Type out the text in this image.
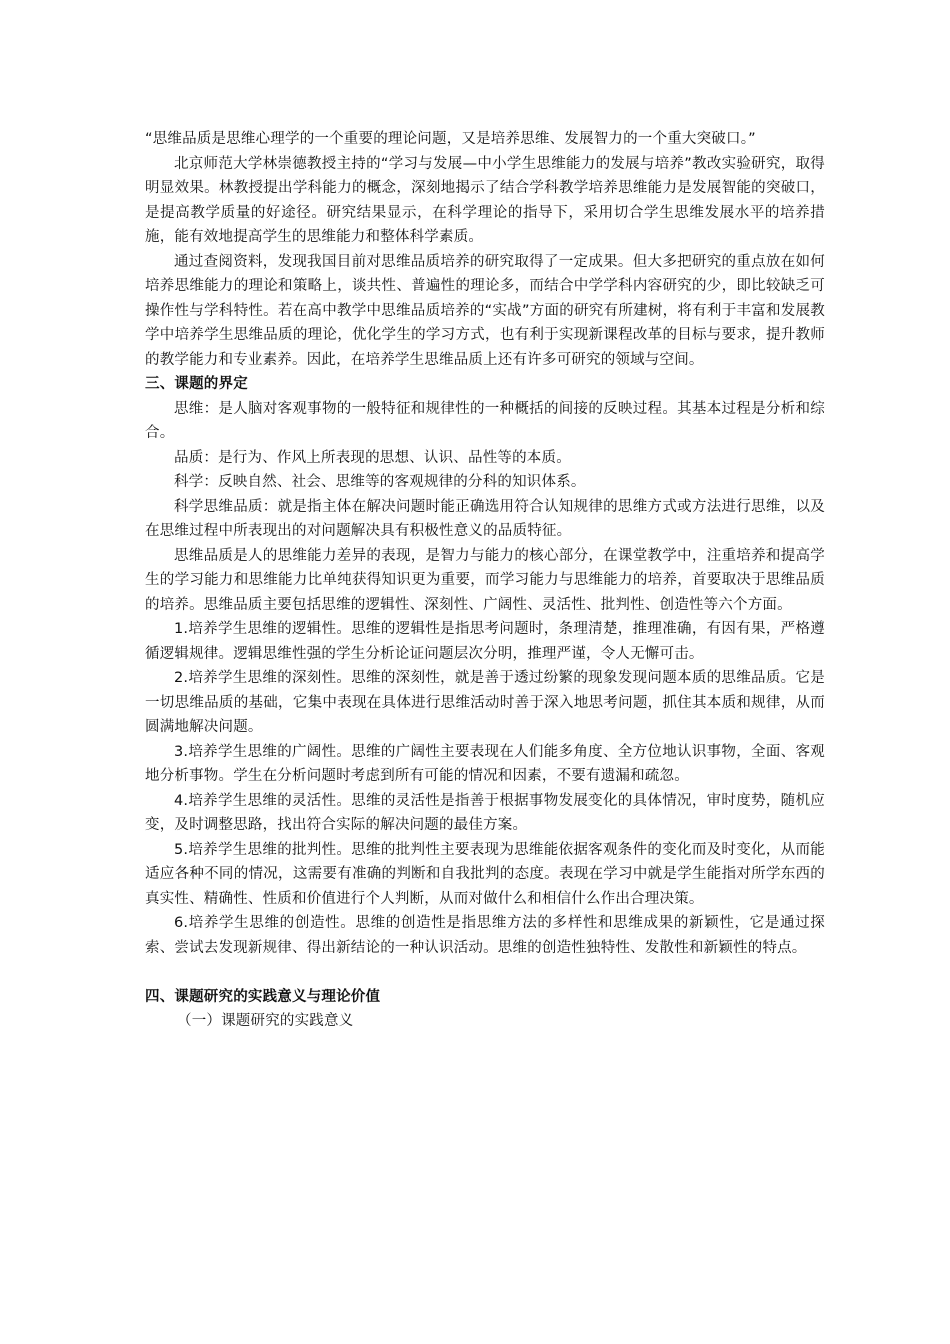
“思维品质是思维心理学的一个重要的理论问题，又是培养思维、发展智力的一个重大突破口。”

北京师范大学林崇德教授主持的“学习与发展—中小学生思维能力的发展与培养”教改实验研究，取得明显效果。林教授提出学科能力的概念，深刻地揭示了结合学科教学培养思维能力是发展智能的突破口，是提高教学质量的好途径。研究结果显示，在科学理论的指导下，采用切合学生思维发展水平的培养措施，能有效地提高学生的思维能力和整体科学素质。

通过查阅资料，发现我国目前对思维品质培养的研究取得了一定成果。但大多把研究的重点放在如何培养思维能力的理论和策略上，谈共性、普遍性的理论多，而结合中学学科内容研究的少，即比较缺乏可操作性与学科特性。若在高中教学中思维品质培养的“实战”方面的研究有所建树，将有利于丰富和发展教学中培养学生思维品质的理论，优化学生的学习方式，也有利于实现新课程改革的目标与要求，提升教师的教学能力和专业素养。因此，在培养学生思维品质上还有许多可研究的领域与空间。

三、课题的界定

思维：是人脑对客观事物的一般特征和规律性的一种概括的间接的反映过程。其基本过程是分析和综合。

品质：是行为、作风上所表现的思想、认识、品性等的本质。

科学：反映自然、社会、思维等的客观规律的分科的知识体系。

科学思维品质：就是指主体在解决问题时能正确选用符合认知规律的思维方式或方法进行思维，以及在思维过程中所表现出的对问题解决具有积极性意义的品质特征。

思维品质是人的思维能力差异的表现，是智力与能力的核心部分，在课堂教学中，注重培养和提高学生的学习能力和思维能力比单纯获得知识更为重要，而学习能力与思维能力的培养，首要取决于思维品质的培养。思维品质主要包括思维的逻辑性、深刻性、广阔性、灵活性、批判性、创造性等六个方面。

1.培养学生思维的逻辑性。思维的逻辑性是指思考问题时，条理清楚，推理准确，有因有果，严格遵循逻辑规律。逻辑思维性强的学生分析论证问题层次分明，推理严谨，令人无懈可击。

2.培养学生思维的深刻性。思维的深刻性，就是善于透过纷繁的现象发现问题本质的思维品质。它是一切思维品质的基础，它集中表现在具体进行思维活动时善于深入地思考问题，抓住其本质和规律，从而圆满地解决问题。

3.培养学生思维的广阔性。思维的广阔性主要表现在人们能多角度、全方位地认识事物，全面、客观地分析事物。学生在分析问题时考虑到所有可能的情况和因素，不要有遗漏和疏忽。

4.培养学生思维的灵活性。思维的灵活性是指善于根据事物发展变化的具体情况，审时度势，随机应变，及时调整思路，找出符合实际的解决问题的最佳方案。

5.培养学生思维的批判性。思维的批判性主要表现为思维能依据客观条件的变化而及时变化，从而能适应各种不同的情况，这需要有准确的判断和自我批判的态度。表现在学习中就是学生能指对所学东西的真实性、精确性、性质和价值进行个人判断，从而对做什么和相信什么作出合理决策。

6.培养学生思维的创造性。思维的创造性是指思维方法的多样性和思维成果的新颖性，它是通过探索、尝试去发现新规律、得出新结论的一种认识活动。思维的创造性独特性、发散性和新颖性的特点。

四、课题研究的实践意义与理论价值

（一）课题研究的实践意义
